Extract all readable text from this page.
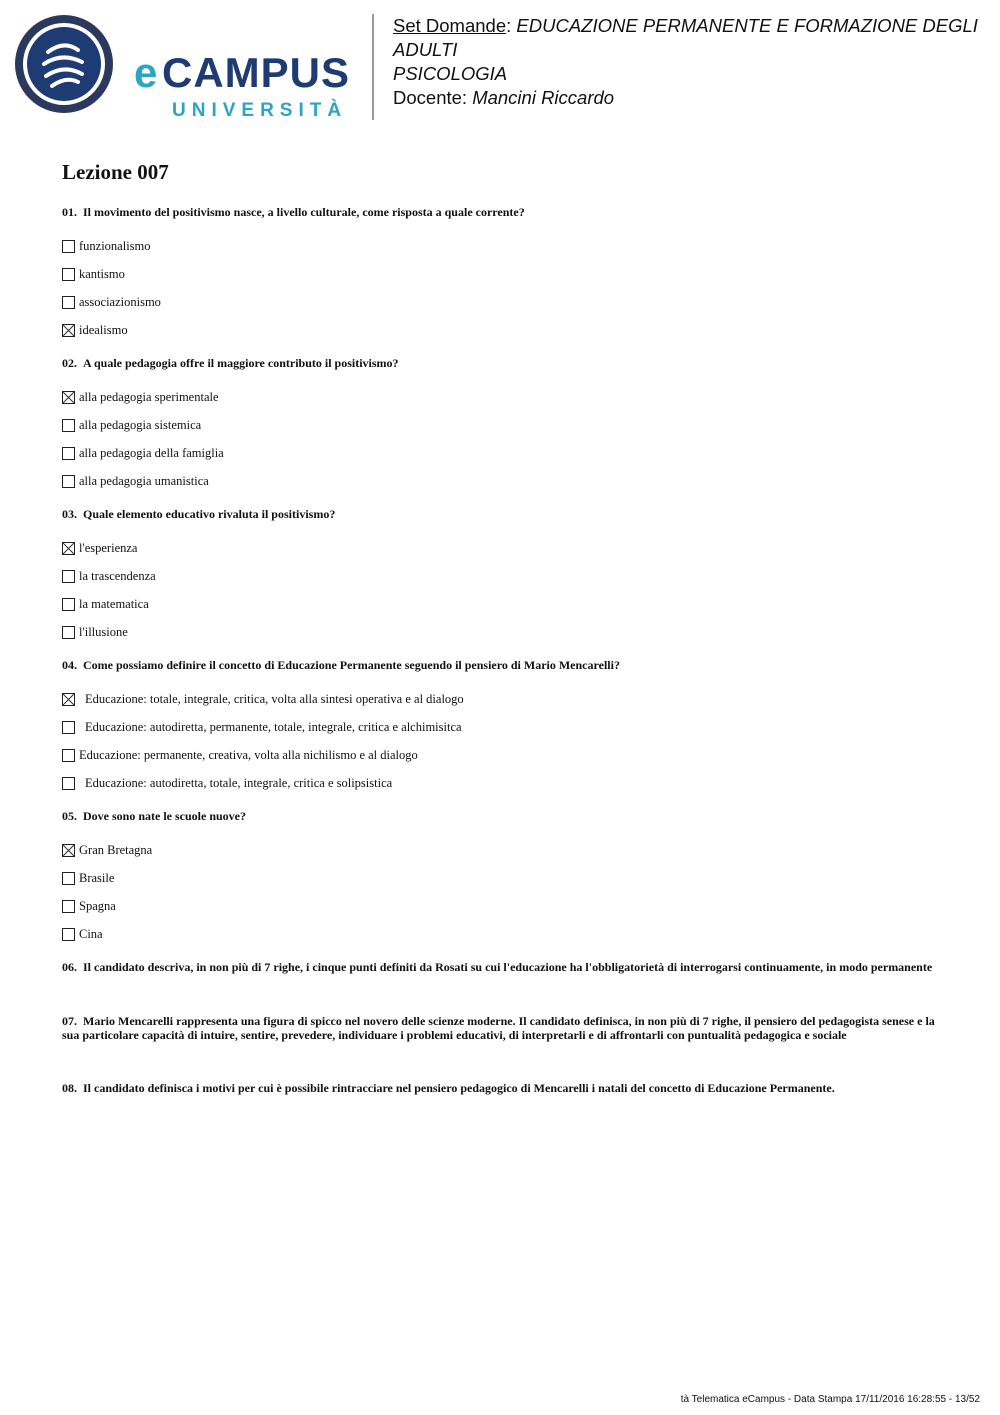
e CAMPUS
UNIVERSITÀ
Set Domande: EDUCAZIONE PERMANENTE E FORMAZIONE DEGLI ADULTI
PSICOLOGIA
Docente: Mancini Riccardo
Lezione 007

01. Il movimento del positivismo nasce, a livello culturale, come risposta a quale corrente?

funzionalismo
kantismo
associazionismo
idealismo

02. A quale pedagogia offre il maggiore contributo il positivismo?

alla pedagogia sperimentale
alla pedagogia sistemica
alla pedagogia della famiglia
alla pedagogia umanistica

03. Quale elemento educativo rivaluta il positivismo?

l'esperienza
la trascendenza
la matematica
l'illusione

04. Come possiamo definire il concetto di Educazione Permanente seguendo il pensiero di Mario Mencarelli?

Educazione: totale, integrale, critica, volta alla sintesi operativa e al dialogo
Educazione: autodiretta, permanente, totale, integrale, critica e alchimisitca
Educazione: permanente, creativa, volta alla nichilismo e al dialogo
Educazione: autodiretta, totale, integrale, critica e solipsistica

05. Dove sono nate le scuole nuove?

Gran Bretagna
Brasile
Spagna
Cina

06. Il candidato descriva, in non più di 7 righe, i cinque punti definiti da Rosati su cui l'educazione ha l'obbligatorietà di interrogarsi continuamente, in modo permanente

07. Mario Mencarelli rappresenta una figura di spicco nel novero delle scienze moderne. Il candidato definisca, in non più di 7 righe, il pensiero del pedagogista senese e la sua particolare capacità di intuire, sentire, prevedere, individuare i problemi educativi, di interpretarli e di affrontarli con puntualità pedagogica e sociale

08. Il candidato definisca i motivi per cui è possibile rintracciare nel pensiero pedagogico di Mencarelli i natali del concetto di Educazione Permanente.

tà Telematica eCampus - Data Stampa 17/11/2016 16:28:55 - 13/52
